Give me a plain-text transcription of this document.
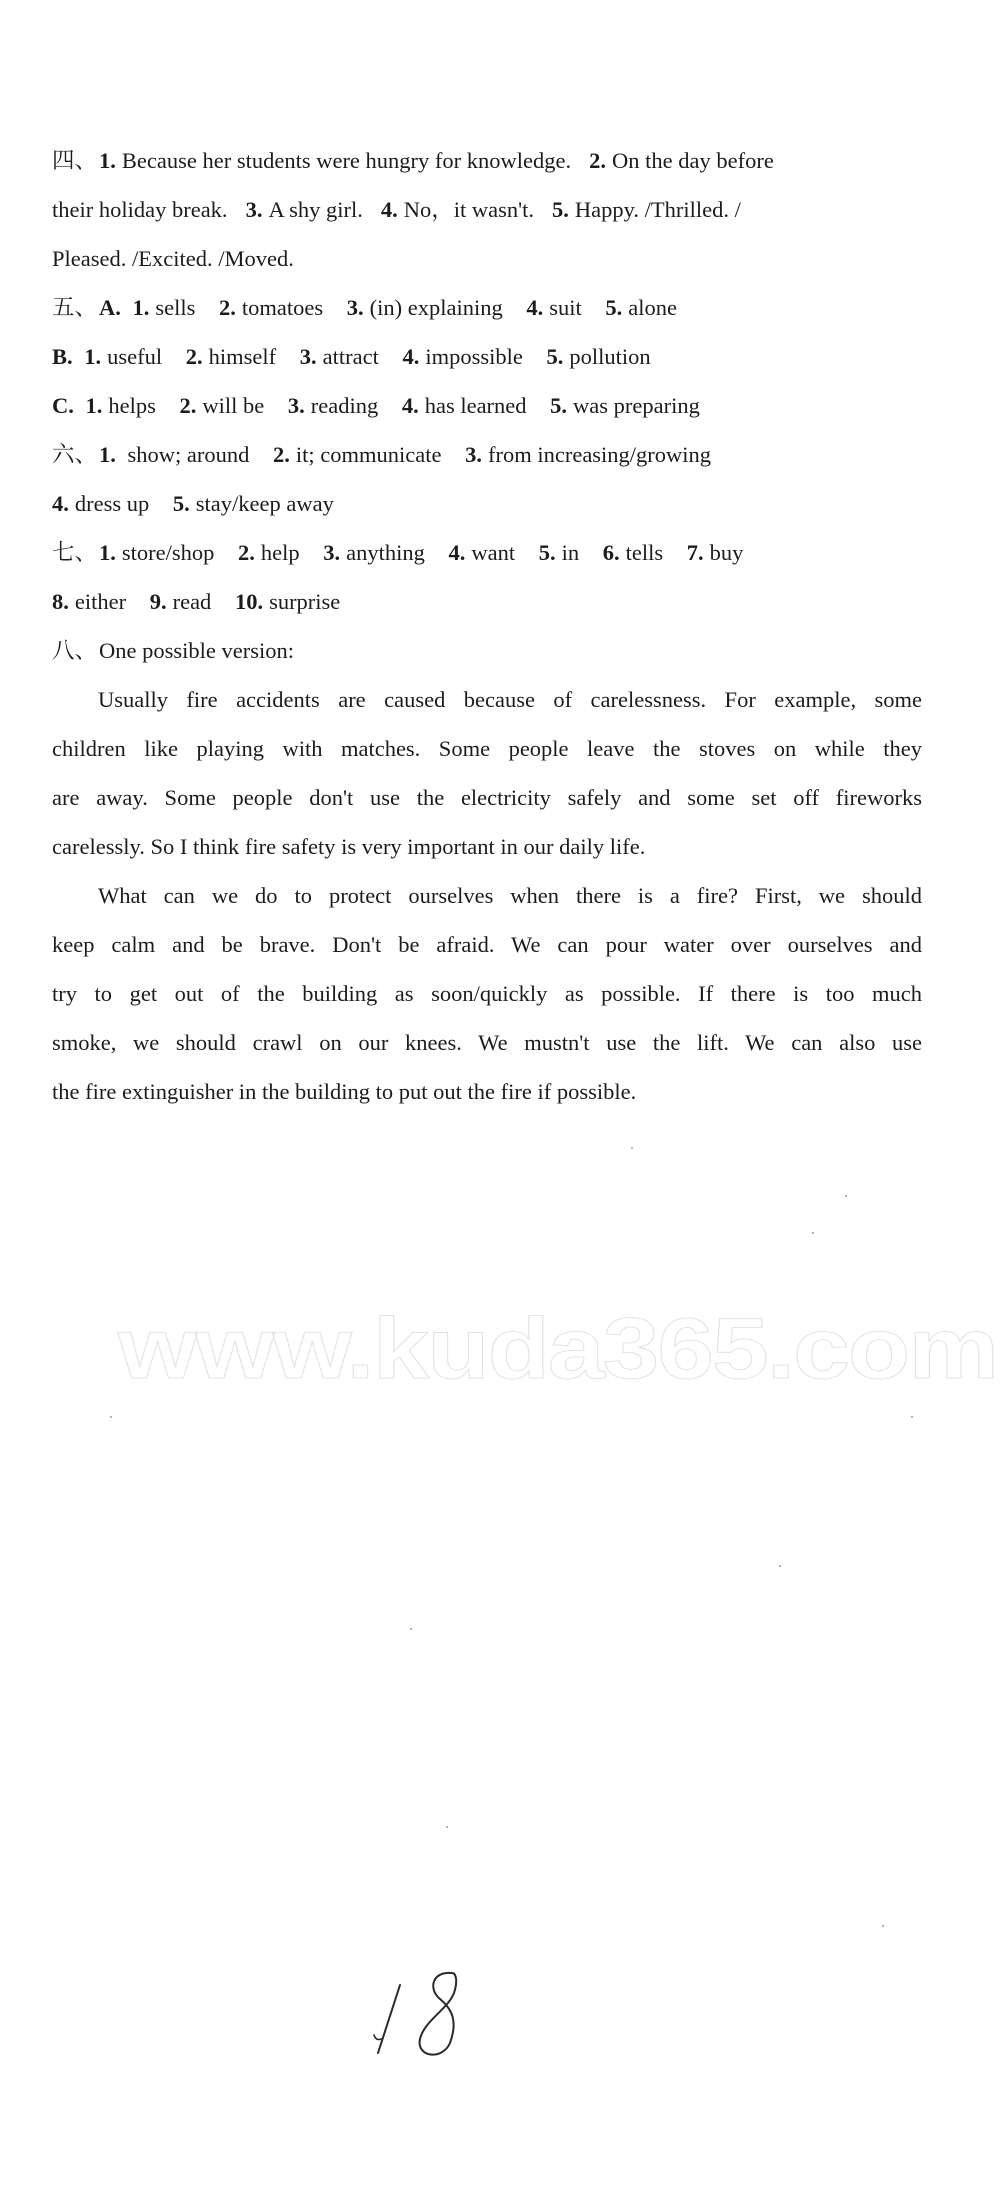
四、1. Because her students were hungry for knowledge. 2. On the day before
their holiday break. 3. A shy girl. 4. No，it wasn't. 5. Happy. /Thrilled. /
Pleased. /Excited. /Moved.
五、A. 1. sells 2. tomatoes 3. (in) explaining 4. suit 5. alone
B. 1. useful 2. himself 3. attract 4. impossible 5. pollution
C. 1. helps 2. will be 3. reading 4. has learned 5. was preparing
六、1. show; around 2. it; communicate 3. from increasing/growing
4. dress up 5. stay/keep away
七、1. store/shop 2. help 3. anything 4. want 5. in 6. tells 7. buy
8. either 9. read 10. surprise
八、One possible version:
Usually fire accidents are caused because of carelessness. For example, some
children like playing with matches. Some people leave the stoves on while they
are away. Some people don't use the electricity safely and some set off fireworks
carelessly. So I think fire safety is very important in our daily life.
What can we do to protect ourselves when there is a fire? First, we should
keep calm and be brave. Don't be afraid. We can pour water over ourselves and
try to get out of the building as soon/quickly as possible. If there is too much
smoke, we should crawl on our knees. We mustn't use the lift. We can also use
the fire extinguisher in the building to put out the fire if possible.
www.kuda365.com
